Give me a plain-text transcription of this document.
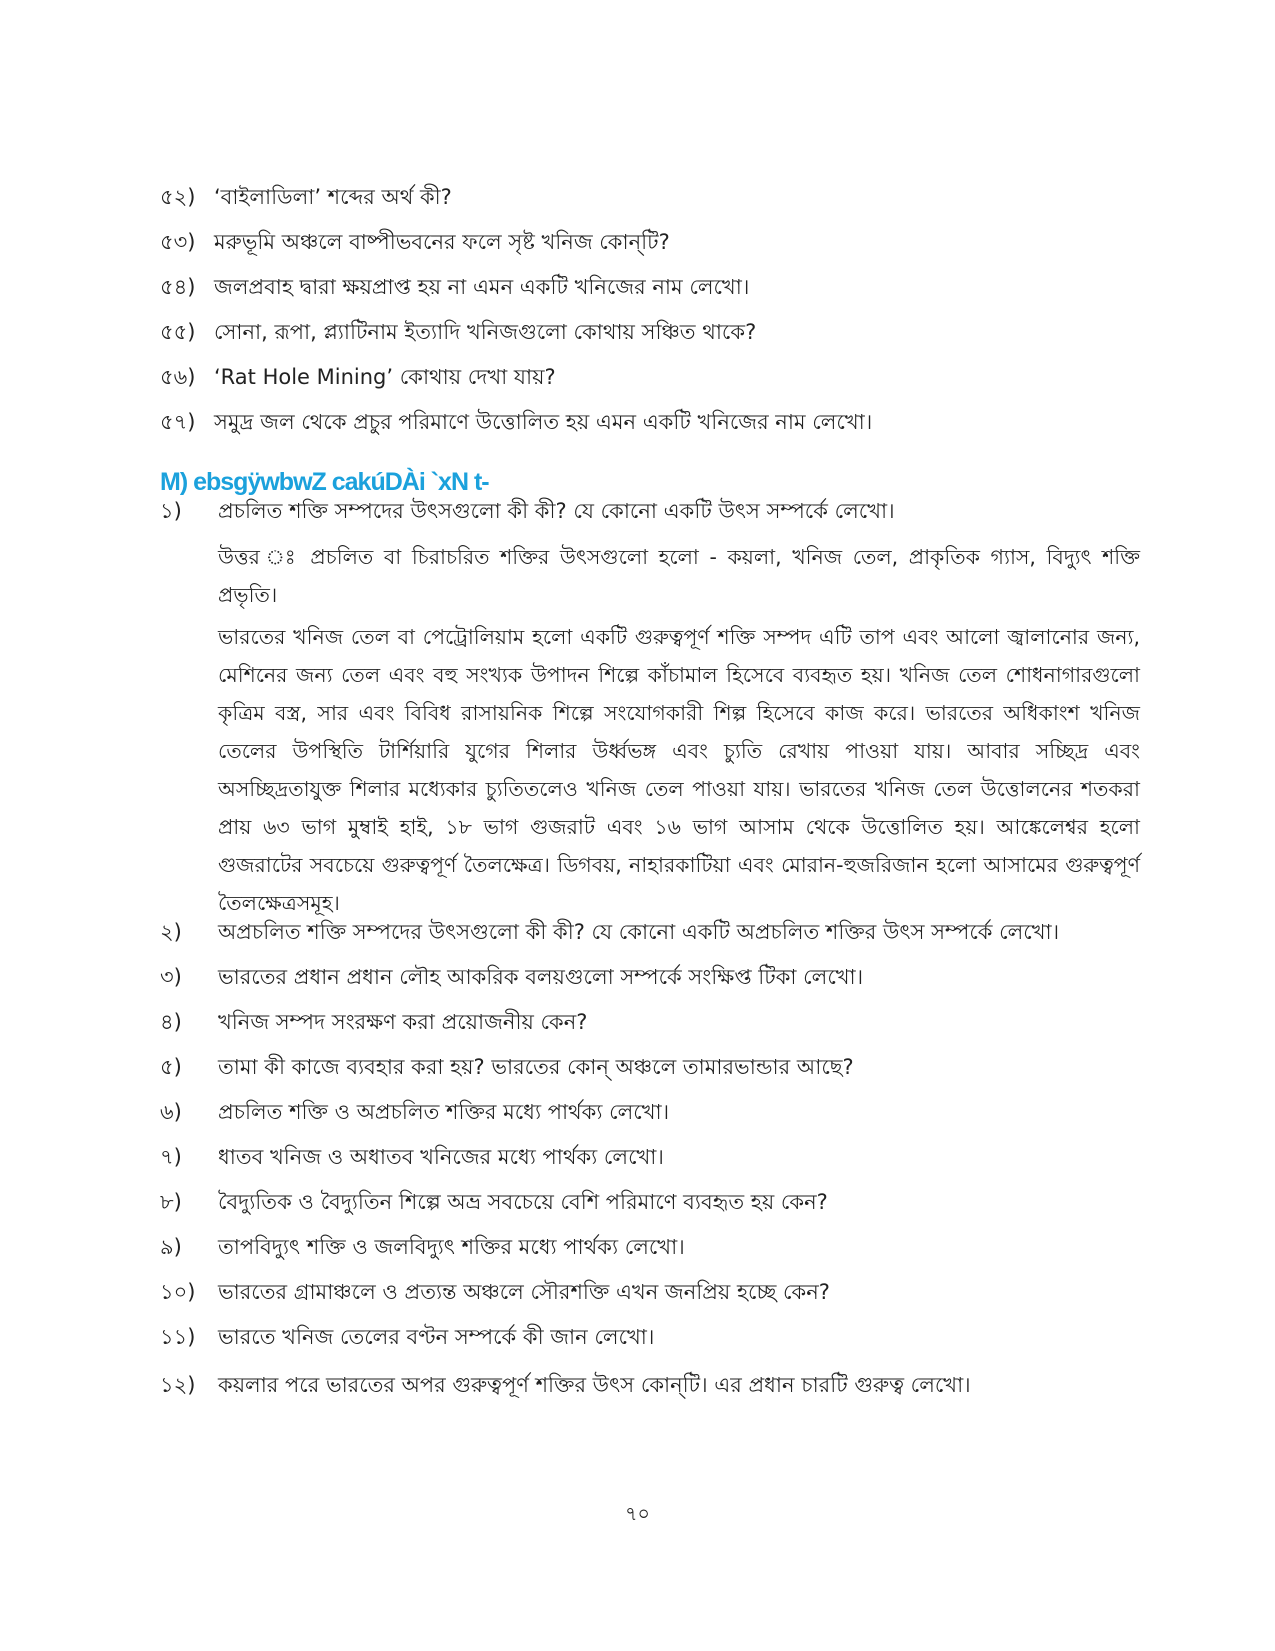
৫২) ‘বাইলাডিলা’ শব্দের অর্থ কী?
৫৩) মরুভূমি অঞ্চলে বাষ্পীভবনের ফলে সৃষ্ট খনিজ কোন্‌টি?
৫৪) জলপ্রবাহ দ্বারা ক্ষয়প্রাপ্ত হয় না এমন একটি খনিজের নাম লেখো।
৫৫) সোনা, রূপা, প্ল্যাটিনাম ইত্যাদি খনিজগুলো কোথায় সঞ্চিত থাকে?
৫৬) ‘Rat Hole Mining’ কোথায় দেখা যায়?
৫৭) সমুদ্র জল থেকে প্রচুর পরিমাণে উত্তোলিত হয় এমন একটি খনিজের নাম লেখো।
M) ebsgÿwbwZ cakúDÀi `xN t-
১) প্রচলিত শক্তি সম্পদের উৎসগুলো কী কী? যে কোনো একটি উৎস সম্পর্কে লেখো।
উত্তর ঃ প্রচলিত বা চিরাচরিত শক্তির উৎসগুলো হলো - কয়লা, খনিজ তেল, প্রাকৃতিক গ্যাস, বিদ্যুৎ শক্তি প্রভৃতি।
ভারতের খনিজ তেল বা পেট্রোলিয়াম হলো একটি গুরুত্বপূর্ণ শক্তি সম্পদ এটি তাপ এবং আলো জ্বালানোর জন্য, মেশিনের জন্য তেল এবং বহু সংখ্যক উপাদন শিল্পে কাঁচামাল হিসেবে ব্যবহৃত হয়। খনিজ তেল শোধনাগারগুলো কৃত্রিম বস্ত্র, সার এবং বিবিধ রাসায়নিক শিল্পে সংযোগকারী শিল্প হিসেবে কাজ করে। ভারতের অধিকাংশ খনিজ তেলের উপস্থিতি টার্শিয়ারি যুগের শিলার উর্ধ্বভঙ্গ এবং চ্যুতি রেখায় পাওয়া যায়। আবার সচ্ছিদ্র এবং অসচ্ছিদ্রতাযুক্ত শিলার মধ্যেকার চ্যুতিতলেও খনিজ তেল পাওয়া যায়। ভারতের খনিজ তেল উত্তোলনের শতকরা প্রায় ৬৩ ভাগ মুম্বাই হাই, ১৮ ভাগ গুজরাট এবং ১৬ ভাগ আসাম থেকে উত্তোলিত হয়। আঙ্কেলেশ্বর হলো গুজরাটের সবচেয়ে গুরুত্বপূর্ণ তৈলক্ষেত্র। ডিগবয়, নাহারকাটিয়া এবং মোরান-হুজরিজান হলো আসামের গুরুত্বপূর্ণ তৈলক্ষেত্রসমূহ।
২) অপ্রচলিত শক্তি সম্পদের উৎসগুলো কী কী? যে কোনো একটি অপ্রচলিত শক্তির উৎস সম্পর্কে লেখো।
৩) ভারতের প্রধান প্রধান লৌহ আকরিক বলয়গুলো সম্পর্কে সংক্ষিপ্ত টিকা লেখো।
৪) খনিজ সম্পদ সংরক্ষণ করা প্রয়োজনীয় কেন?
৫) তামা কী কাজে ব্যবহার করা হয়? ভারতের কোন্‌ অঞ্চলে তামারভান্ডার আছে?
৬) প্রচলিত শক্তি ও অপ্রচলিত শক্তির মধ্যে পার্থক্য লেখো।
৭) ধাতব খনিজ ও অধাতব খনিজের মধ্যে পার্থক্য লেখো।
৮) বৈদ্যুতিক ও বৈদ্যুতিন শিল্পে অভ্র সবচেয়ে বেশি পরিমাণে ব্যবহৃত হয় কেন?
৯) তাপবিদ্যুৎ শক্তি ও জলবিদ্যুৎ শক্তির মধ্যে পার্থক্য লেখো।
১০) ভারতের গ্রামাঞ্চলে ও প্রত্যন্ত অঞ্চলে সৌরশক্তি এখন জনপ্রিয় হচ্ছে কেন?
১১) ভারতে খনিজ তেলের বণ্টন সম্পর্কে কী জান লেখো।
১২) কয়লার পরে ভারতের অপর গুরুত্বপূর্ণ শক্তির উৎস কোন্‌টি। এর প্রধান চারটি গুরুত্ব লেখো।
৭০
